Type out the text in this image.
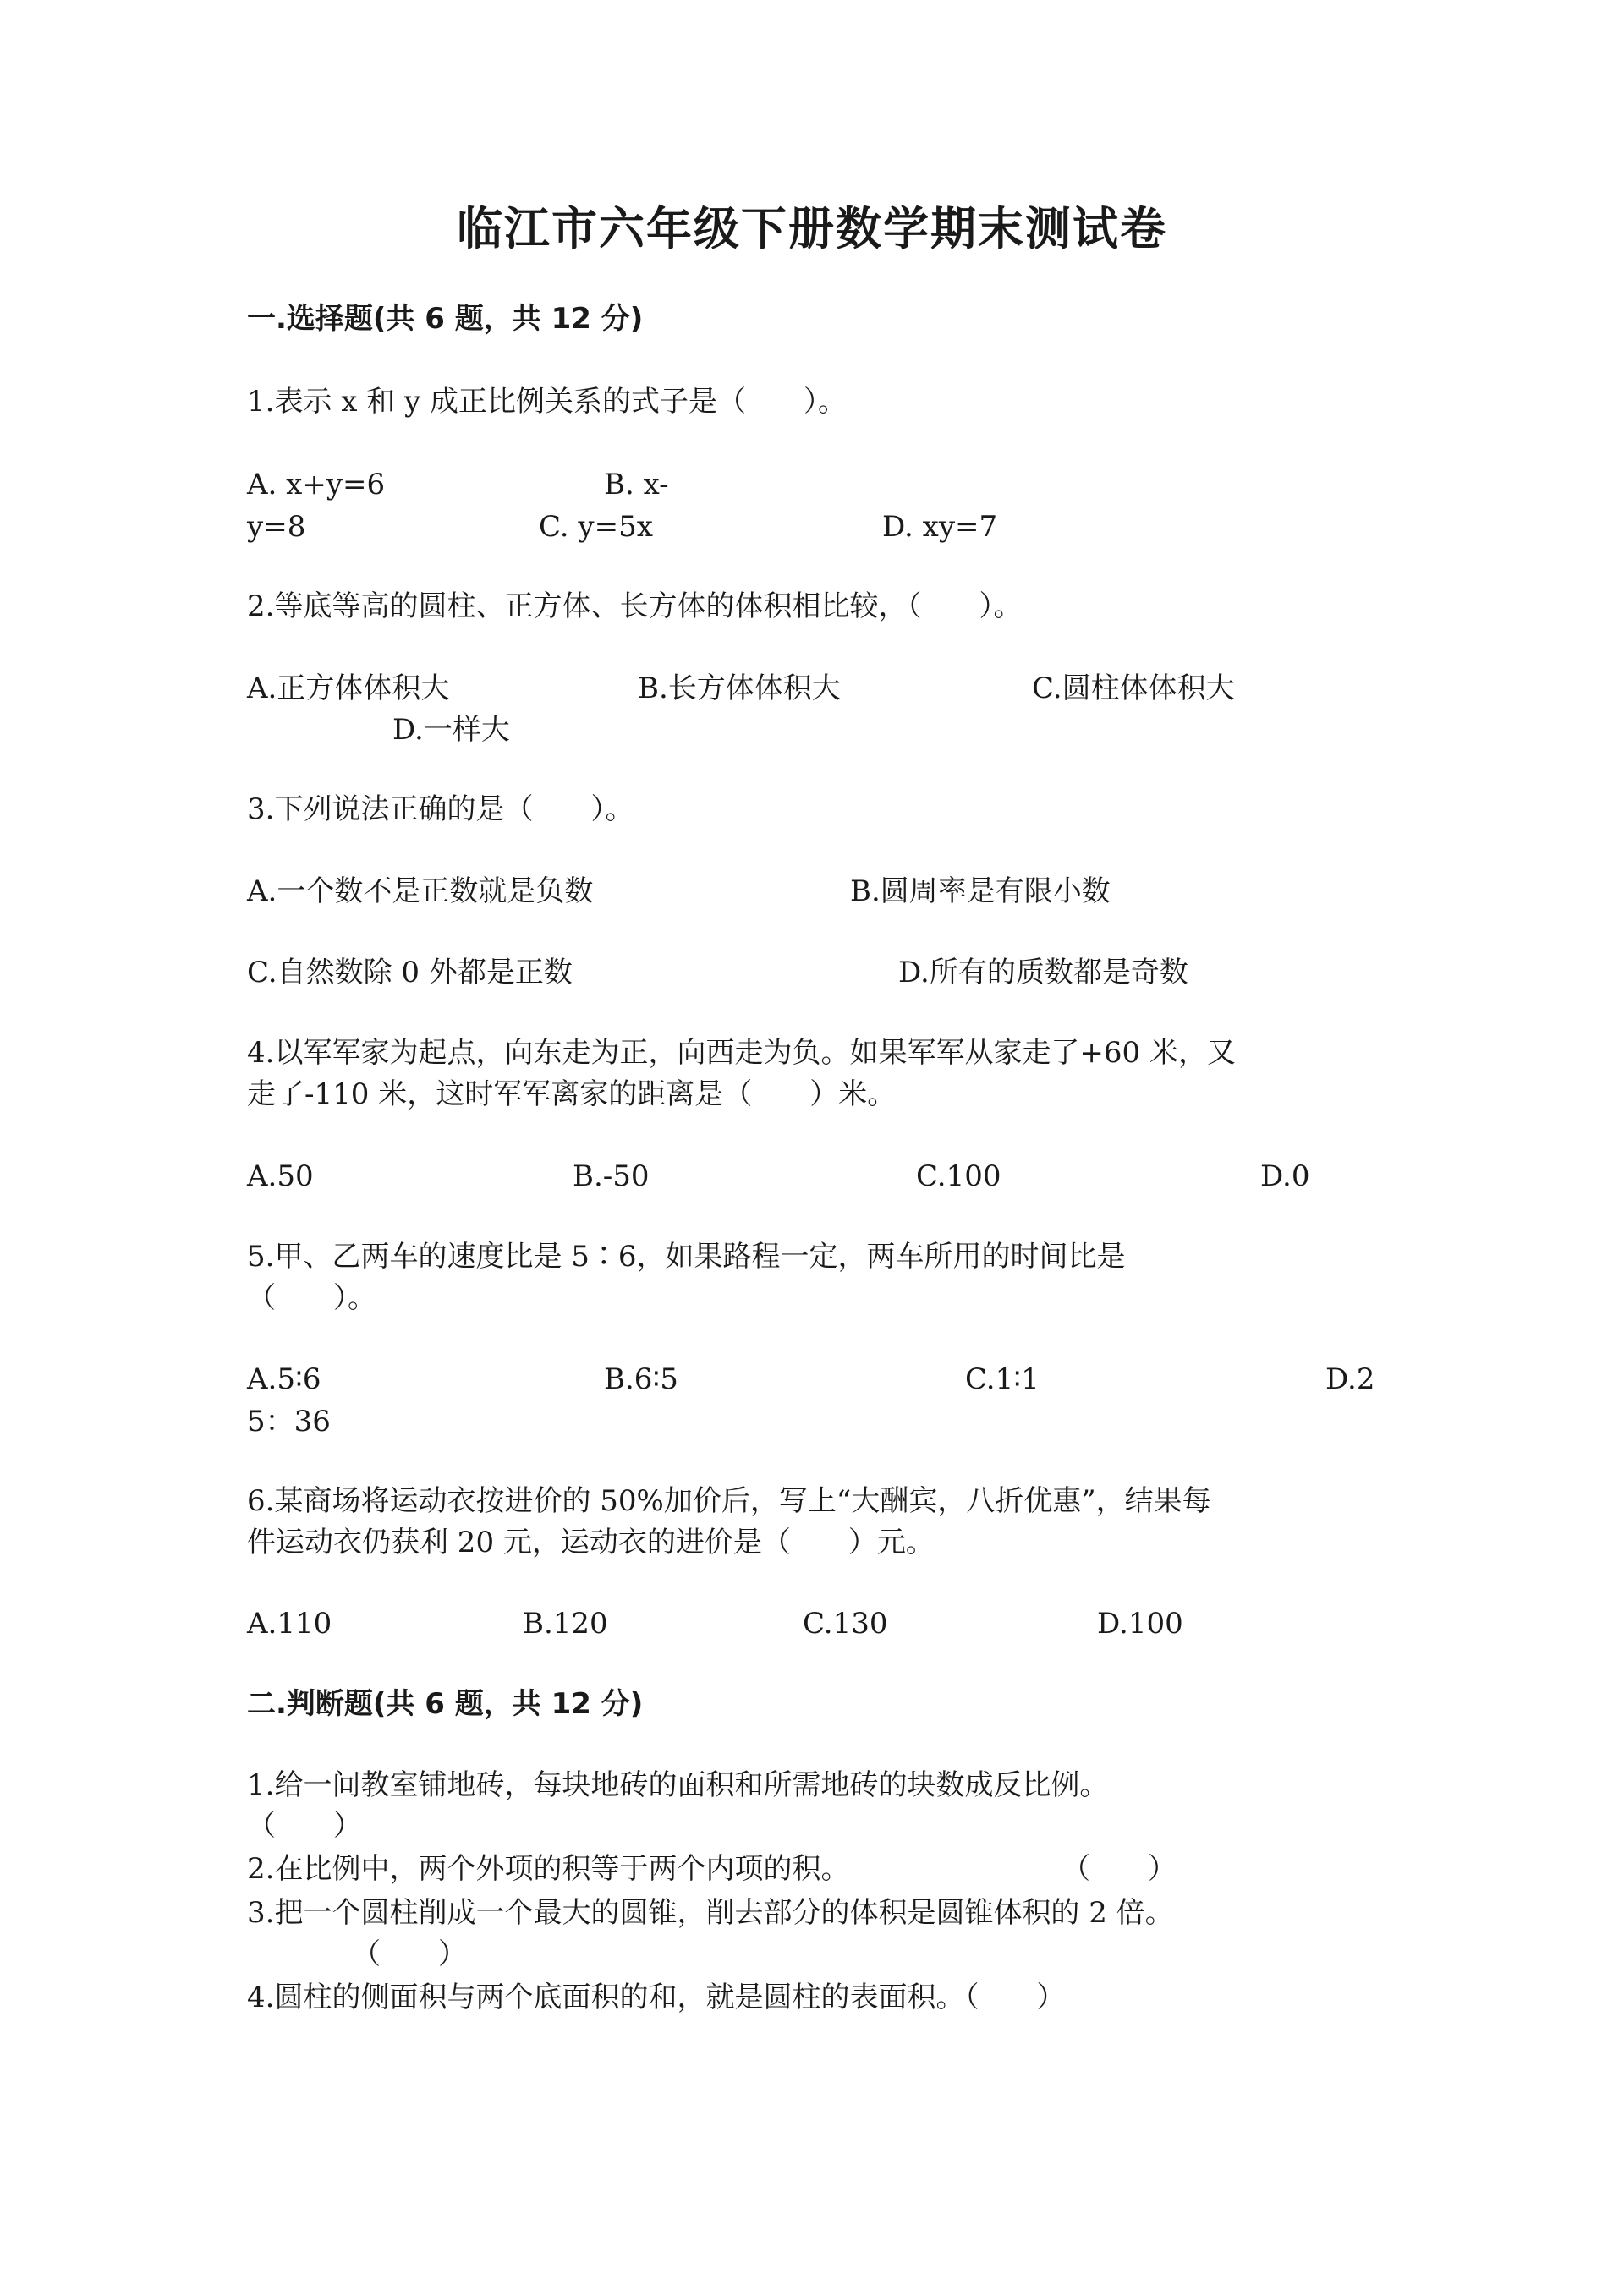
临江市六年级下册数学期末测试卷
一.选择题(共 6 题，共 12 分)
1.表示 x 和 y 成正比例关系的式子是（　　）。
A. x+y=6	B. x-
y=8	C. y=5x	D. xy=7
2.等底等高的圆柱、正方体、长方体的体积相比较，（　　）。
A.正方体体积大	B.长方体体积大	C.圆柱体体积大
D.一样大
3.下列说法正确的是（　　）。
A.一个数不是正数就是负数	B.圆周率是有限小数
C.自然数除 0 外都是正数	D.所有的质数都是奇数
4.以军军家为起点，向东走为正，向西走为负。如果军军从家走了+60 米，又
走了-110 米，这时军军离家的距离是（　　）米。
A.50	B.-50	C.100	D.0
5.甲、乙两车的速度比是 5∶6，如果路程一定，两车所用的时间比是
（　　）。
A.5∶6	B.6∶5	C.1∶1	D.2
5：36
6.某商场将运动衣按进价的 50%加价后，写上“大酬宾，八折优惠”，结果每
件运动衣仍获利 20 元，运动衣的进价是（　　）元。
A.110	B.120	C.130	D.100
二.判断题(共 6 题，共 12 分)
1.给一间教室铺地砖，每块地砖的面积和所需地砖的块数成反比例。
（　　）
2.在比例中，两个外项的积等于两个内项的积。	（　　）
3.把一个圆柱削成一个最大的圆锥，削去部分的体积是圆锥体积的 2 倍。
（　　）
4.圆柱的侧面积与两个底面积的和，就是圆柱的表面积。（　　）
